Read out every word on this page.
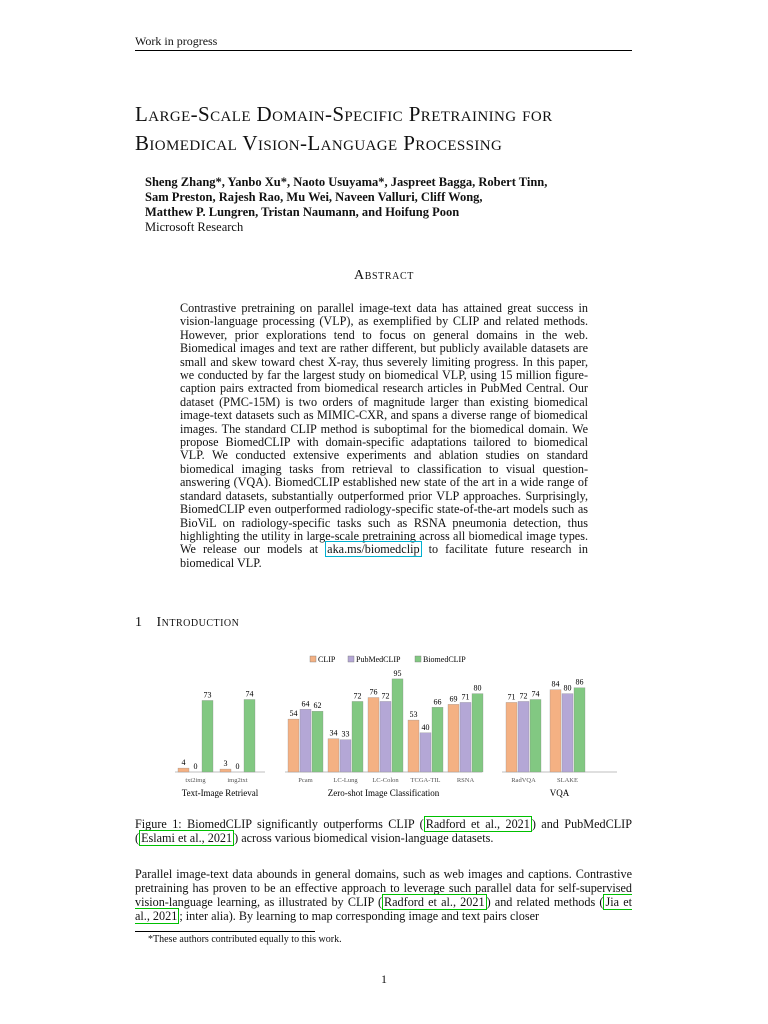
Work in progress
Large-Scale Domain-Specific Pretraining for Biomedical Vision-Language Processing
Sheng Zhang*, Yanbo Xu*, Naoto Usuyama*, Jaspreet Bagga, Robert Tinn,
Sam Preston, Rajesh Rao, Mu Wei, Naveen Valluri, Cliff Wong,
Matthew P. Lungren, Tristan Naumann, and Hoifung Poon
Microsoft Research
Abstract
Contrastive pretraining on parallel image-text data has attained great success in vision-language processing (VLP), as exemplified by CLIP and related methods. However, prior explorations tend to focus on general domains in the web. Biomedical images and text are rather different, but publicly available datasets are small and skew toward chest X-ray, thus severely limiting progress. In this paper, we conducted by far the largest study on biomedical VLP, using 15 million figure-caption pairs extracted from biomedical research articles in PubMed Central. Our dataset (PMC-15M) is two orders of magnitude larger than existing biomedical image-text datasets such as MIMIC-CXR, and spans a diverse range of biomedical images. The standard CLIP method is suboptimal for the biomedical domain. We propose BiomedCLIP with domain-specific adaptations tailored to biomedical VLP. We conducted extensive experiments and ablation studies on standard biomedical imaging tasks from retrieval to classification to visual question-answering (VQA). BiomedCLIP established new state of the art in a wide range of standard datasets, substantially outperformed prior VLP approaches. Surprisingly, BiomedCLIP even outperformed radiology-specific state-of-the-art models such as BioViL on radiology-specific tasks such as RSNA pneumonia detection, thus highlighting the utility in large-scale pretraining across all biomedical image types. We release our models at aka.ms/biomedclip to facilitate future research in biomedical VLP.
1 Introduction
CLIP	PubMedCLIP	BiomedCLIP
4 0
73
txt2img
3 0
74
img2txt
Text-Image Retrieval
54
64 62
Pcam
34 33
72
LC-Lung
76 72
95
LC-Colon
53
40
66
TCGA-TIL
69 71
80
RSNA
Zero-shot Image Classification
71 72 74
RadVQA
84 80
86
SLAKE
VQA
Figure 1: BiomedCLIP significantly outperforms CLIP ( Radford et al., 2021 ) and PubMedCLIP ( Eslami et al., 2021 ) across various biomedical vision-language datasets.
Parallel image-text data abounds in general domains, such as web images and captions. Contrastive pretraining has proven to be an effective approach to leverage such parallel data for self-supervised vision-language learning, as illustrated by CLIP ( Radford et al., 2021 ) and related methods ( Jia et al., 2021 ; inter alia). By learning to map corresponding image and text pairs closer
*These authors contributed equally to this work.
1
